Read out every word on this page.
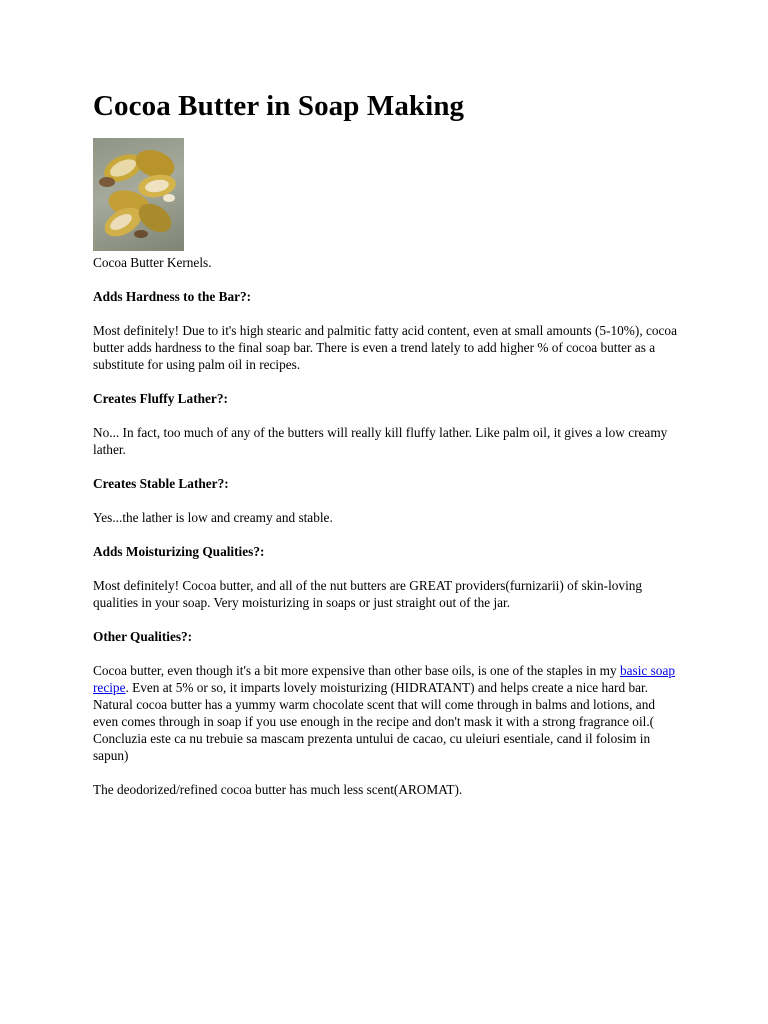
Cocoa Butter in Soap Making
Cocoa Butter Kernels.

Adds Hardness to the Bar?:

Most definitely! Due to it's high stearic and palmitic fatty acid content, even at small amounts (5-10%), cocoa butter adds hardness to the final soap bar. There is even a trend lately to add higher % of cocoa butter as a substitute for using palm oil in recipes.

Creates Fluffy Lather?:

No... In fact, too much of any of the butters will really kill fluffy lather. Like palm oil, it gives a low creamy lather.

Creates Stable Lather?:

Yes...the lather is low and creamy and stable.

Adds Moisturizing Qualities?:

Most definitely! Cocoa butter, and all of the nut butters are GREAT providers(furnizarii) of skin-loving qualities in your soap. Very moisturizing in soaps or just straight out of the jar.

Other Qualities?:

Cocoa butter, even though it's a bit more expensive than other base oils, is one of the staples in my basic soap recipe. Even at 5% or so, it imparts lovely moisturizing (HIDRATANT) and helps create a nice hard bar. Natural cocoa butter has a yummy warm chocolate scent that will come through in balms and lotions, and even comes through in soap if you use enough in the recipe and don't mask it with a strong fragrance oil.( Concluzia este ca nu trebuie sa mascam prezenta untului de cacao, cu uleiuri esentiale, cand il folosim in sapun)

The deodorized/refined cocoa butter has much less scent(AROMAT).
